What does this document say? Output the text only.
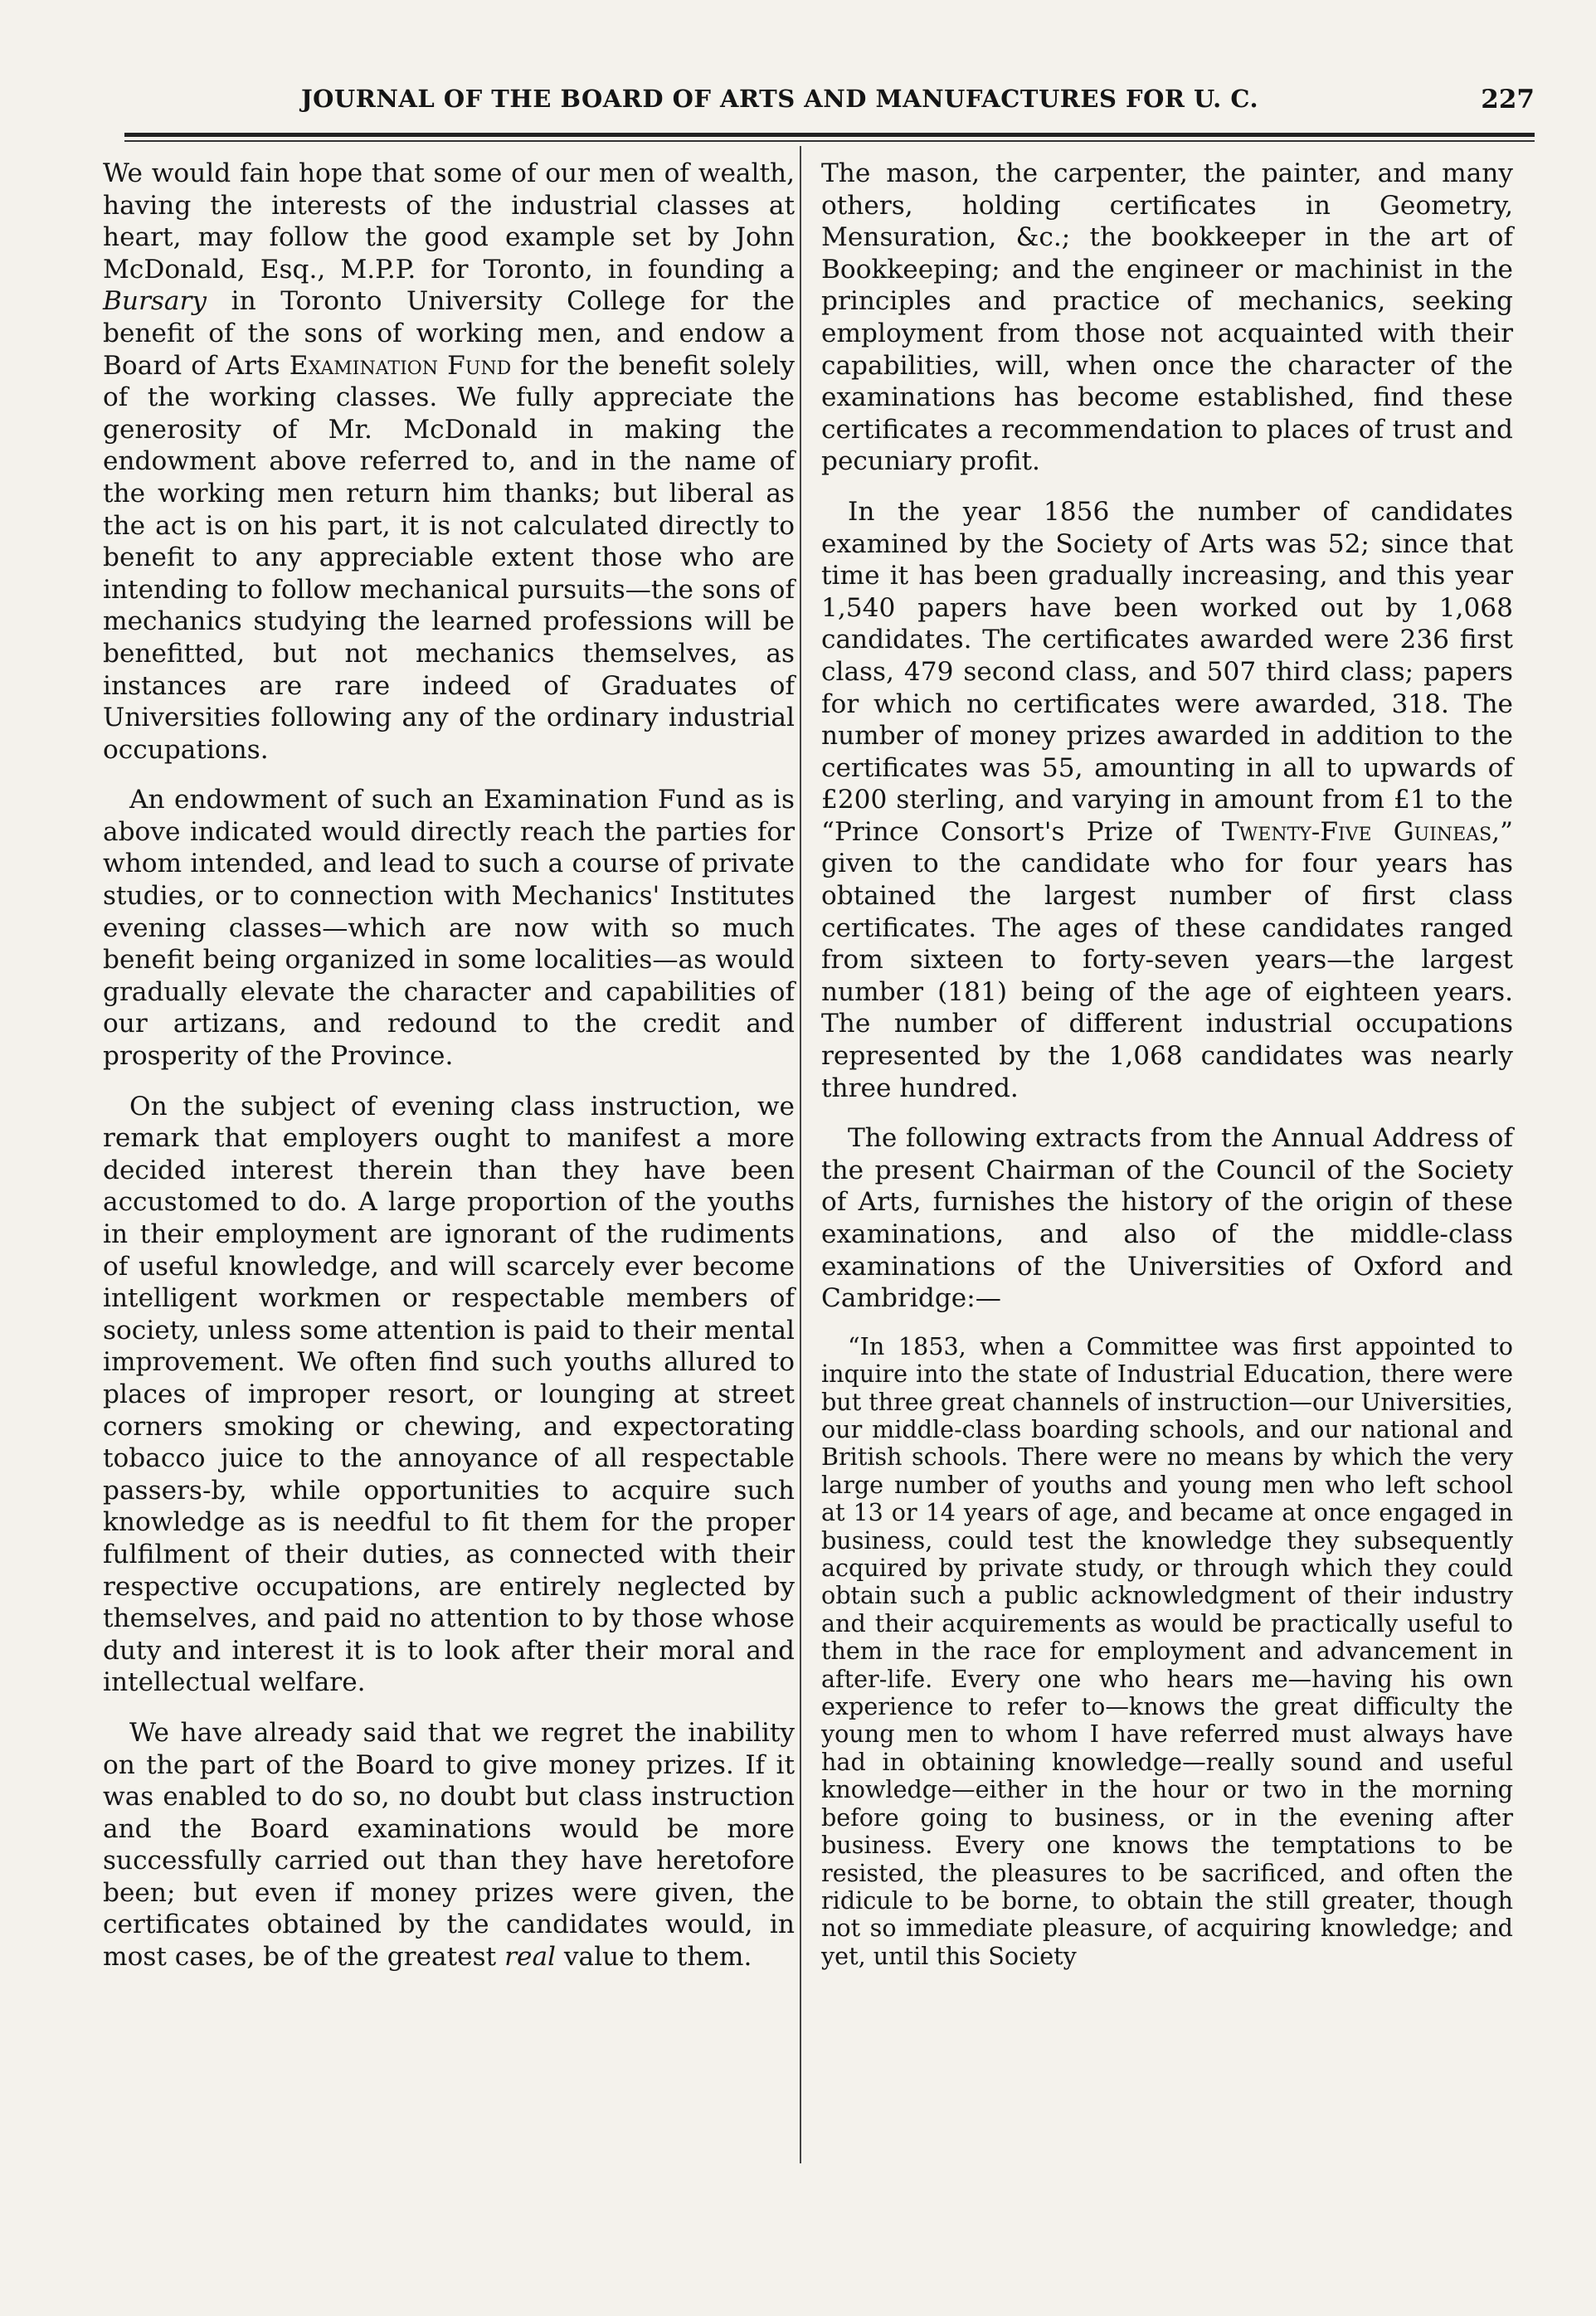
JOURNAL OF THE BOARD OF ARTS AND MANUFACTURES FOR U. C.	227

We would fain hope that some of our men of wealth, having the interests of the industrial classes at heart, may follow the good example set by John McDonald, Esq., M.P.P. for Toronto, in founding a Bursary in Toronto University College for the benefit of the sons of working men, and endow a Board of Arts Examination Fund for the benefit solely of the working classes. We fully appreciate the generosity of Mr. McDonald in making the endowment above referred to, and in the name of the working men return him thanks; but liberal as the act is on his part, it is not calculated directly to benefit to any appreciable extent those who are intending to follow mechanical pursuits—the sons of mechanics studying the learned professions will be benefitted, but not mechanics themselves, as instances are rare indeed of Graduates of Universities following any of the ordinary industrial occupations.

An endowment of such an Examination Fund as is above indicated would directly reach the parties for whom intended, and lead to such a course of private studies, or to connection with Mechanics' Institutes evening classes—which are now with so much benefit being organized in some localities—as would gradually elevate the character and capabilities of our artizans, and redound to the credit and prosperity of the Province.

On the subject of evening class instruction, we remark that employers ought to manifest a more decided interest therein than they have been accustomed to do. A large proportion of the youths in their employment are ignorant of the rudiments of useful knowledge, and will scarcely ever become intelligent workmen or respectable members of society, unless some attention is paid to their mental improvement. We often find such youths allured to places of improper resort, or lounging at street corners smoking or chewing, and expectorating tobacco juice to the annoyance of all respectable passers-by, while opportunities to acquire such knowledge as is needful to fit them for the proper fulfilment of their duties, as connected with their respective occupations, are entirely neglected by themselves, and paid no attention to by those whose duty and interest it is to look after their moral and intellectual welfare.

We have already said that we regret the inability on the part of the Board to give money prizes. If it was enabled to do so, no doubt but class instruction and the Board examinations would be more successfully carried out than they have heretofore been; but even if money prizes were given, the certificates obtained by the candidates would, in most cases, be of the greatest real value to them.

The mason, the carpenter, the painter, and many others, holding certificates in Geometry, Mensuration, &c.; the bookkeeper in the art of Bookkeeping; and the engineer or machinist in the principles and practice of mechanics, seeking employment from those not acquainted with their capabilities, will, when once the character of the examinations has become established, find these certificates a recommendation to places of trust and pecuniary profit.

In the year 1856 the number of candidates examined by the Society of Arts was 52; since that time it has been gradually increasing, and this year 1,540 papers have been worked out by 1,068 candidates. The certificates awarded were 236 first class, 479 second class, and 507 third class; papers for which no certificates were awarded, 318. The number of money prizes awarded in addition to the certificates was 55, amounting in all to upwards of £200 sterling, and varying in amount from £1 to the “Prince Consort's Prize of Twenty-Five Guineas,” given to the candidate who for four years has obtained the largest number of first class certificates. The ages of these candidates ranged from sixteen to forty-seven years—the largest number (181) being of the age of eighteen years. The number of different industrial occupations represented by the 1,068 candidates was nearly three hundred.

The following extracts from the Annual Address of the present Chairman of the Council of the Society of Arts, furnishes the history of the origin of these examinations, and also of the middle-class examinations of the Universities of Oxford and Cambridge:—

“In 1853, when a Committee was first appointed to inquire into the state of Industrial Education, there were but three great channels of instruction—our Universities, our middle-class boarding schools, and our national and British schools. There were no means by which the very large number of youths and young men who left school at 13 or 14 years of age, and became at once engaged in business, could test the knowledge they subsequently acquired by private study, or through which they could obtain such a public acknowledgment of their industry and their acquirements as would be practically useful to them in the race for employment and advancement in after-life. Every one who hears me—having his own experience to refer to—knows the great difficulty the young men to whom I have referred must always have had in obtaining knowledge—really sound and useful knowledge—either in the hour or two in the morning before going to business, or in the evening after business. Every one knows the temptations to be resisted, the pleasures to be sacrificed, and often the ridicule to be borne, to obtain the still greater, though not so immediate pleasure, of acquiring knowledge; and yet, until this Society
